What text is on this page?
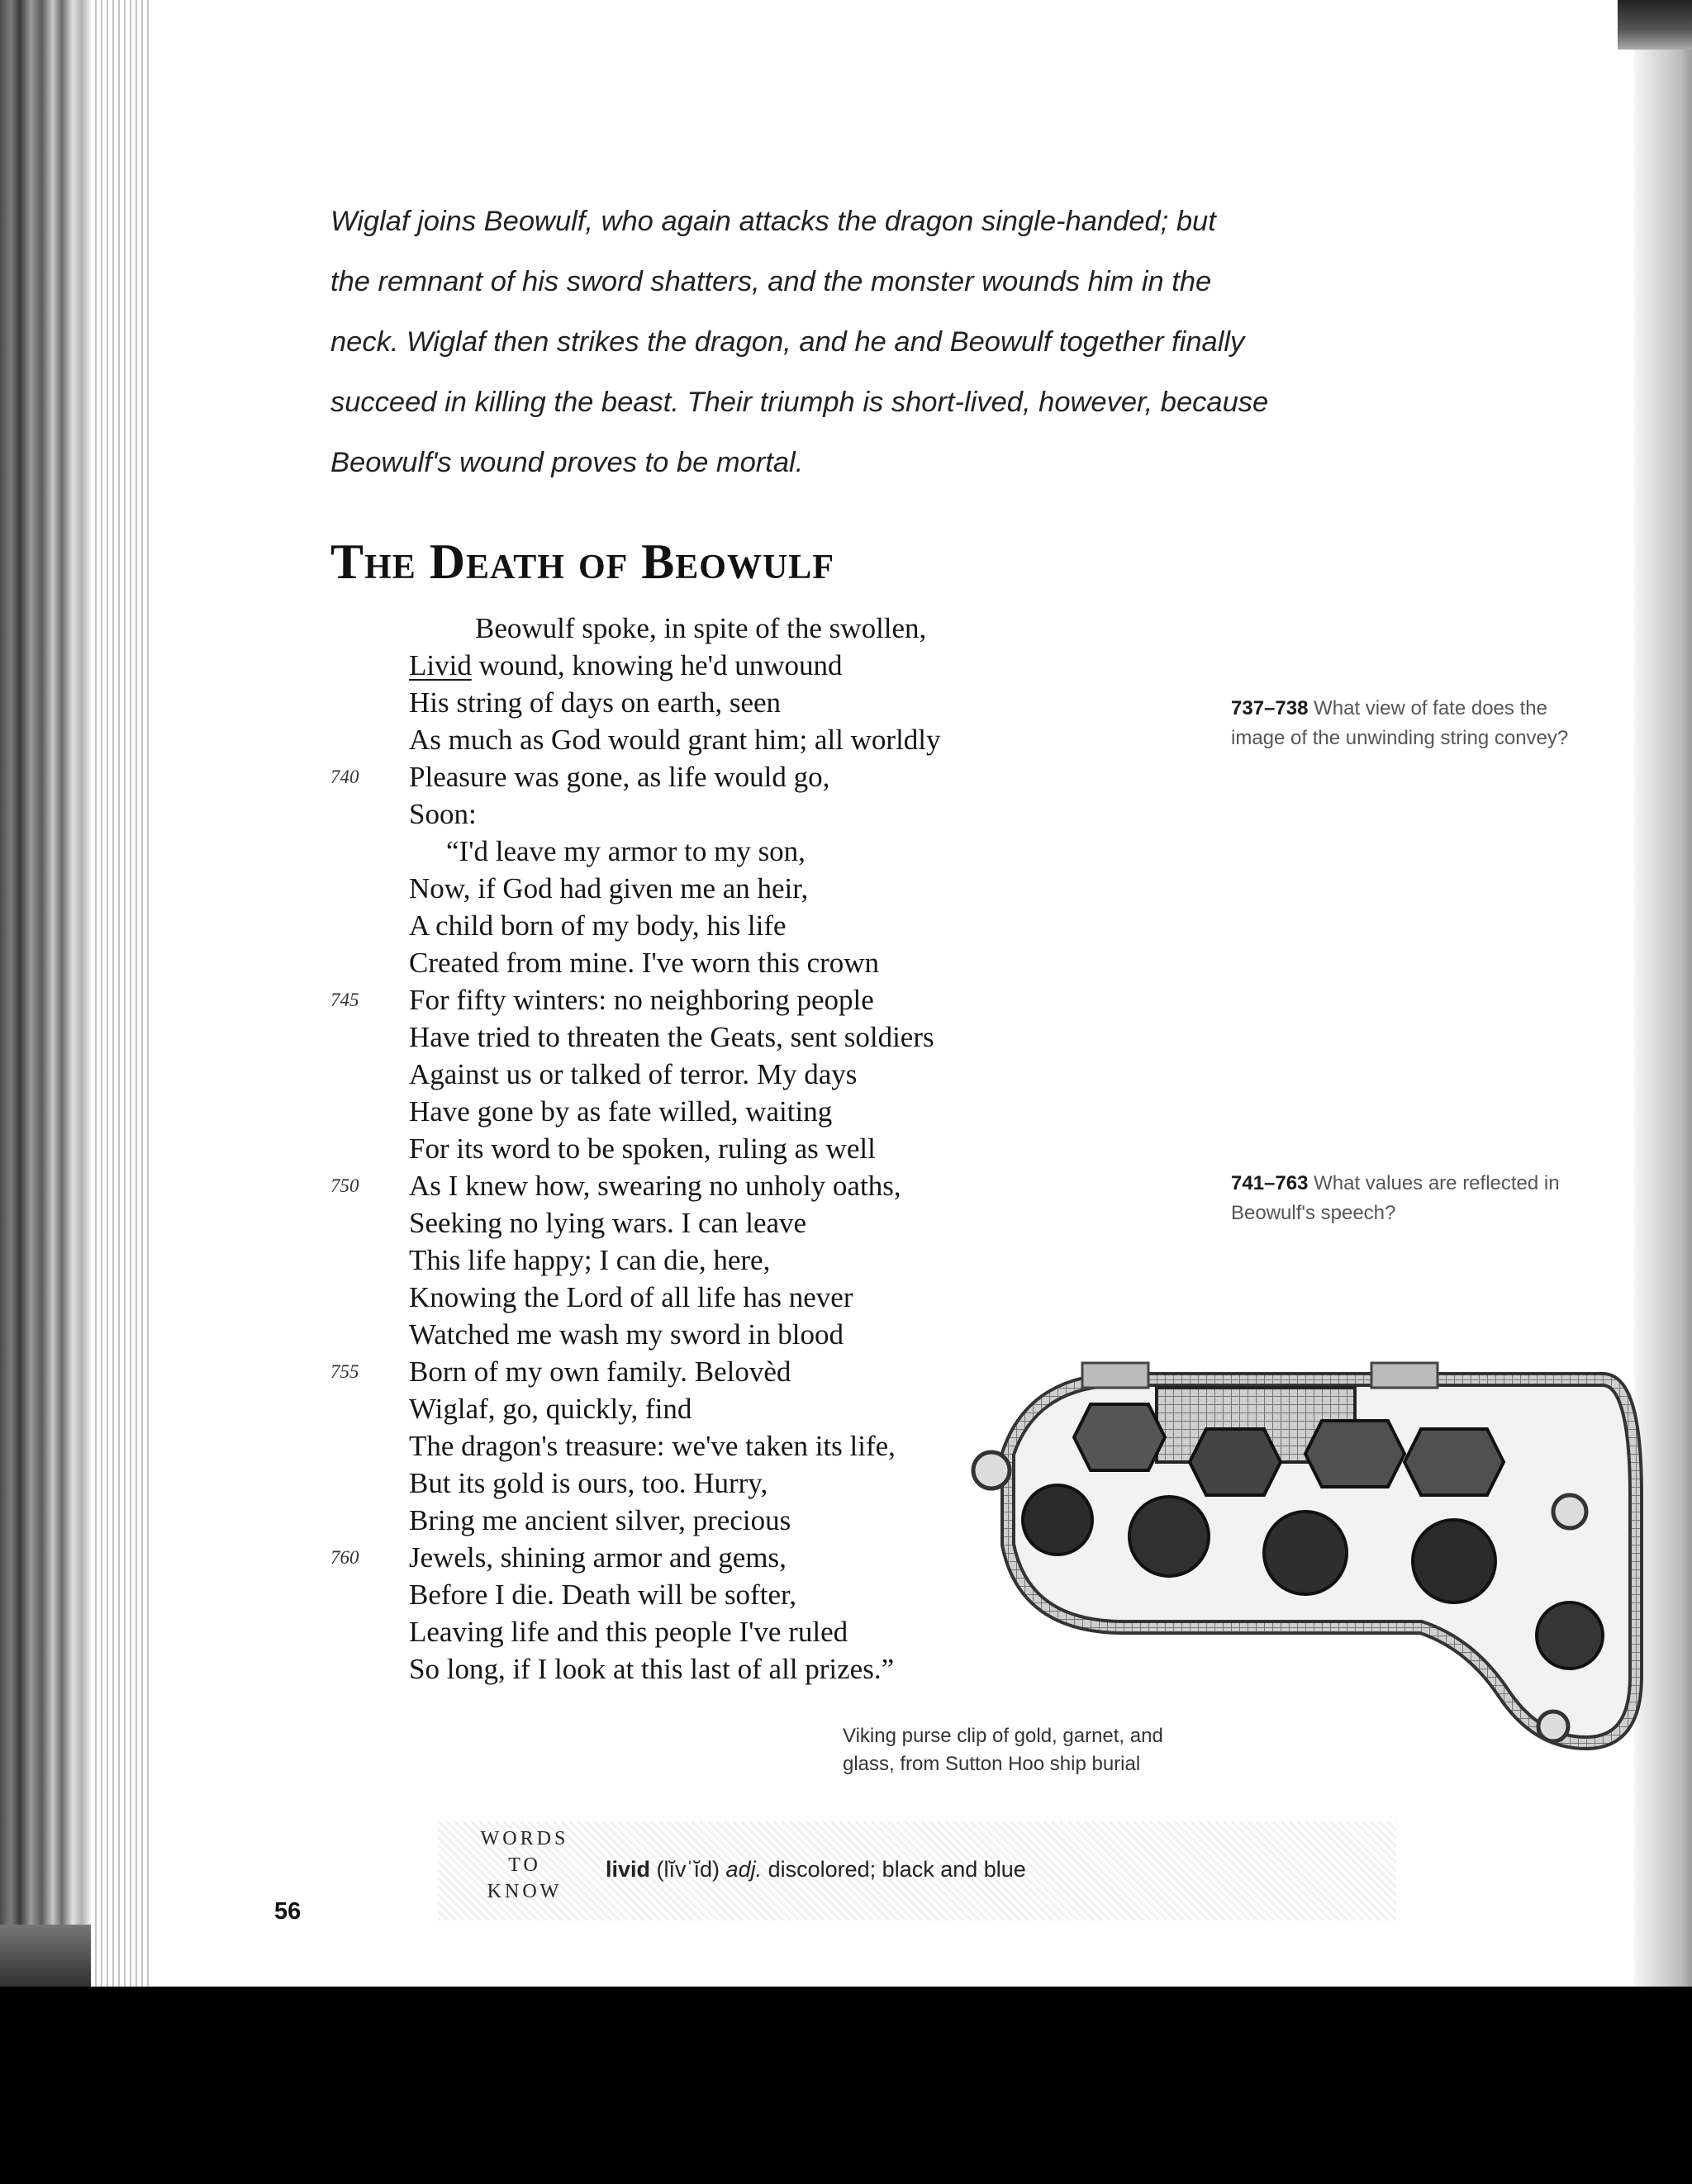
Wiglaf joins Beowulf, who again attacks the dragon single-handed; but
the remnant of his sword shatters, and the monster wounds him in the
neck. Wiglaf then strikes the dragon, and he and Beowulf together finally
succeed in killing the beast. Their triumph is short-lived, however, because
Beowulf's wound proves to be mortal.
The Death of Beowulf
Beowulf spoke, in spite of the swollen,
Livid wound, knowing he'd unwound
His string of days on earth, seen
As much as God would grant him; all worldly
740 Pleasure was gone, as life would go,
Soon:
“I'd leave my armor to my son,
Now, if God had given me an heir,
A child born of my body, his life
Created from mine. I've worn this crown
745 For fifty winters: no neighboring people
Have tried to threaten the Geats, sent soldiers
Against us or talked of terror. My days
Have gone by as fate willed, waiting
For its word to be spoken, ruling as well
750 As I knew how, swearing no unholy oaths,
Seeking no lying wars. I can leave
This life happy; I can die, here,
Knowing the Lord of all life has never
Watched me wash my sword in blood
755 Born of my own family. Belovèd
Wiglaf, go, quickly, find
The dragon's treasure: we've taken its life,
But its gold is ours, too. Hurry,
Bring me ancient silver, precious
760 Jewels, shining armor and gems,
Before I die. Death will be softer,
Leaving life and this people I've ruled
So long, if I look at this last of all prizes.”
737–738 What view of fate does the image of the unwinding string convey?
741–763 What values are reflected in Beowulf's speech?
Viking purse clip of gold, garnet, and glass, from Sutton Hoo ship burial
WORDS
TO
KNOW
livid (lĭvˈĭd) adj. discolored; black and blue
56
